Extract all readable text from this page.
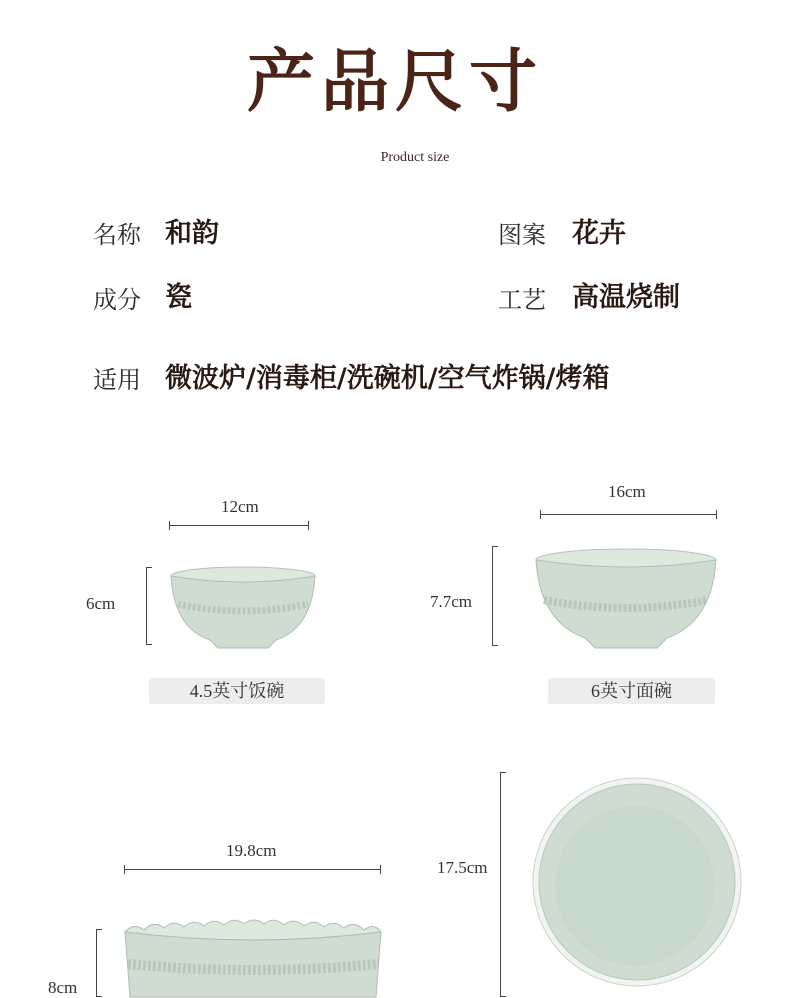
产品尺寸
Product size
名称 和韵	图案 花卉
成分 瓷	工艺 高温烧制
适用 微波炉/消毒柜/洗碗机/空气炸锅/烤箱
12cm
6cm
4.5英寸饭碗
16cm
7.7cm
6英寸面碗
19.8cm
8cm
17.5cm
